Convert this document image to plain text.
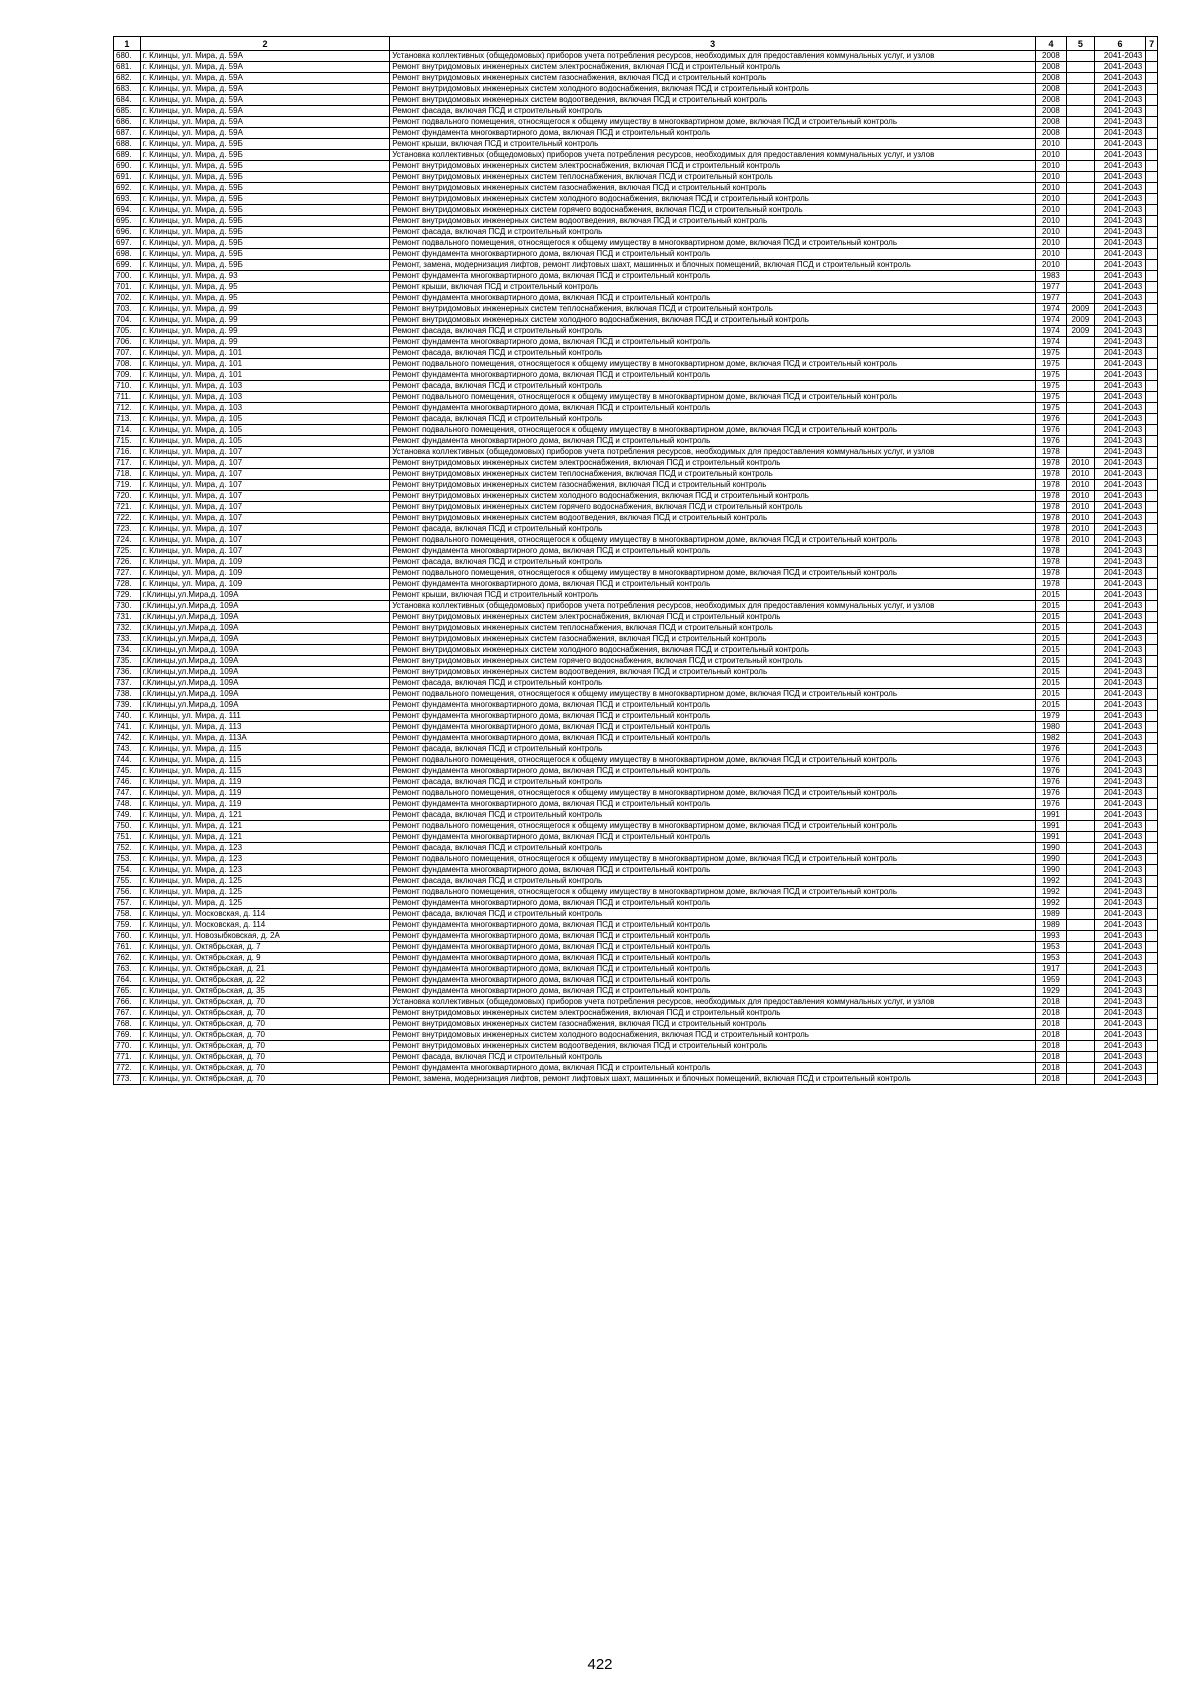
1	2	3	4	5	6	7
680.	г. Клинцы, ул. Мира, д. 59А	Установка коллективных (общедомовых) приборов учета потребления ресурсов, необходимых для предоставления коммунальных услуг, и узлов	2008		2041-2043	
681.	г. Клинцы, ул. Мира, д. 59А	Ремонт внутридомовых инженерных систем электроснабжения, включая ПСД и строительный контроль	2008		2041-2043	
682.	г. Клинцы, ул. Мира, д. 59А	Ремонт внутридомовых инженерных систем газоснабжения, включая ПСД и строительный контроль	2008		2041-2043	
683.	г. Клинцы, ул. Мира, д. 59А	Ремонт внутридомовых инженерных систем холодного водоснабжения, включая ПСД и строительный контроль	2008		2041-2043	
684.	г. Клинцы, ул. Мира, д. 59А	Ремонт внутридомовых инженерных систем водоотведения, включая ПСД и строительный контроль	2008		2041-2043	
685.	г. Клинцы, ул. Мира, д. 59А	Ремонт фасада, включая ПСД и строительный контроль	2008		2041-2043	
686.	г. Клинцы, ул. Мира, д. 59А	Ремонт подвального помещения, относящегося к общему имуществу в многоквартирном доме, включая ПСД и строительный контроль	2008		2041-2043	
687.	г. Клинцы, ул. Мира, д. 59А	Ремонт фундамента многоквартирного дома, включая ПСД и строительный контроль	2008		2041-2043	
688.	г. Клинцы, ул. Мира, д. 59Б	Ремонт крыши, включая ПСД и строительный контроль	2010		2041-2043	
689.	г. Клинцы, ул. Мира, д. 59Б	Установка коллективных (общедомовых) приборов учета потребления ресурсов, необходимых для предоставления коммунальных услуг, и узлов	2010		2041-2043	
690.	г. Клинцы, ул. Мира, д. 59Б	Ремонт внутридомовых инженерных систем электроснабжения, включая ПСД и строительный контроль	2010		2041-2043	
691.	г. Клинцы, ул. Мира, д. 59Б	Ремонт внутридомовых инженерных систем теплоснабжения, включая ПСД и строительный контроль	2010		2041-2043	
692.	г. Клинцы, ул. Мира, д. 59Б	Ремонт внутридомовых инженерных систем газоснабжения, включая ПСД и строительный контроль	2010		2041-2043	
693.	г. Клинцы, ул. Мира, д. 59Б	Ремонт внутридомовых инженерных систем холодного водоснабжения, включая ПСД и строительный контроль	2010		2041-2043	
694.	г. Клинцы, ул. Мира, д. 59Б	Ремонт внутридомовых инженерных систем горячего водоснабжения, включая ПСД и строительный контроль	2010		2041-2043	
695.	г. Клинцы, ул. Мира, д. 59Б	Ремонт внутридомовых инженерных систем водоотведения, включая ПСД и строительный контроль	2010		2041-2043	
696.	г. Клинцы, ул. Мира, д. 59Б	Ремонт фасада, включая ПСД и строительный контроль	2010		2041-2043	
697.	г. Клинцы, ул. Мира, д. 59Б	Ремонт подвального помещения, относящегося к общему имуществу в многоквартирном доме, включая ПСД и строительный контроль	2010		2041-2043	
698.	г. Клинцы, ул. Мира, д. 59Б	Ремонт фундамента многоквартирного дома, включая ПСД и строительный контроль	2010		2041-2043	
699.	г. Клинцы, ул. Мира, д. 59Б	Ремонт, замена, модернизация лифтов, ремонт лифтовых шахт, машинных и блочных помещений, включая ПСД и строительный контроль	2010		2041-2043	
700.	г. Клинцы, ул. Мира, д. 93	Ремонт фундамента многоквартирного дома, включая ПСД и строительный контроль	1983		2041-2043	
701.	г. Клинцы, ул. Мира, д. 95	Ремонт крыши, включая ПСД и строительный контроль	1977		2041-2043	
702.	г. Клинцы, ул. Мира, д. 95	Ремонт фундамента многоквартирного дома, включая ПСД и строительный контроль	1977		2041-2043	
703.	г. Клинцы, ул. Мира, д. 99	Ремонт внутридомовых инженерных систем теплоснабжения, включая ПСД и строительный контроль	1974	2009	2041-2043	
704.	г. Клинцы, ул. Мира, д. 99	Ремонт внутридомовых инженерных систем холодного водоснабжения, включая ПСД и строительный контроль	1974	2009	2041-2043	
705.	г. Клинцы, ул. Мира, д. 99	Ремонт фасада, включая ПСД и строительный контроль	1974	2009	2041-2043	
706.	г. Клинцы, ул. Мира, д. 99	Ремонт фундамента многоквартирного дома, включая ПСД и строительный контроль	1974		2041-2043	
707.	г. Клинцы, ул. Мира, д. 101	Ремонт фасада, включая ПСД и строительный контроль	1975		2041-2043	
708.	г. Клинцы, ул. Мира, д. 101	Ремонт подвального помещения, относящегося к общему имуществу в многоквартирном доме, включая ПСД и строительный контроль	1975		2041-2043	
709.	г. Клинцы, ул. Мира, д. 101	Ремонт фундамента многоквартирного дома, включая ПСД и строительный контроль	1975		2041-2043	
710.	г. Клинцы, ул. Мира, д. 103	Ремонт фасада, включая ПСД и строительный контроль	1975		2041-2043	
711.	г. Клинцы, ул. Мира, д. 103	Ремонт подвального помещения, относящегося к общему имуществу в многоквартирном доме, включая ПСД и строительный контроль	1975		2041-2043	
712.	г. Клинцы, ул. Мира, д. 103	Ремонт фундамента многоквартирного дома, включая ПСД и строительный контроль	1975		2041-2043	
713.	г. Клинцы, ул. Мира, д. 105	Ремонт фасада, включая ПСД и строительный контроль	1976		2041-2043	
714.	г. Клинцы, ул. Мира, д. 105	Ремонт подвального помещения, относящегося к общему имуществу в многоквартирном доме, включая ПСД и строительный контроль	1976		2041-2043	
715.	г. Клинцы, ул. Мира, д. 105	Ремонт фундамента многоквартирного дома, включая ПСД и строительный контроль	1976		2041-2043	
716.	г. Клинцы, ул. Мира, д. 107	Установка коллективных (общедомовых) приборов учета потребления ресурсов, необходимых для предоставления коммунальных услуг, и узлов	1978		2041-2043	
717.	г. Клинцы, ул. Мира, д. 107	Ремонт внутридомовых инженерных систем электроснабжения, включая ПСД и строительный контроль	1978	2010	2041-2043	
718.	г. Клинцы, ул. Мира, д. 107	Ремонт внутридомовых инженерных систем теплоснабжения, включая ПСД и строительный контроль	1978	2010	2041-2043	
719.	г. Клинцы, ул. Мира, д. 107	Ремонт внутридомовых инженерных систем газоснабжения, включая ПСД и строительный контроль	1978	2010	2041-2043	
720.	г. Клинцы, ул. Мира, д. 107	Ремонт внутридомовых инженерных систем холодного водоснабжения, включая ПСД и строительный контроль	1978	2010	2041-2043	
721.	г. Клинцы, ул. Мира, д. 107	Ремонт внутридомовых инженерных систем горячего водоснабжения, включая ПСД и строительный контроль	1978	2010	2041-2043	
722.	г. Клинцы, ул. Мира, д. 107	Ремонт внутридомовых инженерных систем водоотведения, включая ПСД и строительный контроль	1978	2010	2041-2043	
723.	г. Клинцы, ул. Мира, д. 107	Ремонт фасада, включая ПСД и строительный контроль	1978	2010	2041-2043	
724.	г. Клинцы, ул. Мира, д. 107	Ремонт подвального помещения, относящегося к общему имуществу в многоквартирном доме, включая ПСД и строительный контроль	1978	2010	2041-2043	
725.	г. Клинцы, ул. Мира, д. 107	Ремонт фундамента многоквартирного дома, включая ПСД и строительный контроль	1978		2041-2043	
726.	г. Клинцы, ул. Мира, д. 109	Ремонт фасада, включая ПСД и строительный контроль	1978		2041-2043	
727.	г. Клинцы, ул. Мира, д. 109	Ремонт подвального помещения, относящегося к общему имуществу в многоквартирном доме, включая ПСД и строительный контроль	1978		2041-2043	
728.	г. Клинцы, ул. Мира, д. 109	Ремонт фундамента многоквартирного дома, включая ПСД и строительный контроль	1978		2041-2043	
729.	г.Клинцы,ул.Мира,д. 109А	Ремонт крыши, включая ПСД и строительный контроль	2015		2041-2043	
730.	г.Клинцы,ул.Мира,д. 109А	Установка коллективных (общедомовых) приборов учета потребления ресурсов, необходимых для предоставления коммунальных услуг, и узлов	2015		2041-2043	
731.	г.Клинцы,ул.Мира,д. 109А	Ремонт внутридомовых инженерных систем электроснабжения, включая ПСД и строительный контроль	2015		2041-2043	
732.	г.Клинцы,ул.Мира,д. 109А	Ремонт внутридомовых инженерных систем теплоснабжения, включая ПСД и строительный контроль	2015		2041-2043	
733.	г.Клинцы,ул.Мира,д. 109А	Ремонт внутридомовых инженерных систем газоснабжения, включая ПСД и строительный контроль	2015		2041-2043	
734.	г.Клинцы,ул.Мира,д. 109А	Ремонт внутридомовых инженерных систем холодного водоснабжения, включая ПСД и строительный контроль	2015		2041-2043	
735.	г.Клинцы,ул.Мира,д. 109А	Ремонт внутридомовых инженерных систем горячего водоснабжения, включая ПСД и строительный контроль	2015		2041-2043	
736.	г.Клинцы,ул.Мира,д. 109А	Ремонт внутридомовых инженерных систем водоотведения, включая ПСД и строительный контроль	2015		2041-2043	
737.	г.Клинцы,ул.Мира,д. 109А	Ремонт фасада, включая ПСД и строительный контроль	2015		2041-2043	
738.	г.Клинцы,ул.Мира,д. 109А	Ремонт подвального помещения, относящегося к общему имуществу в многоквартирном доме, включая ПСД и строительный контроль	2015		2041-2043	
739.	г.Клинцы,ул.Мира,д. 109А	Ремонт фундамента многоквартирного дома, включая ПСД и строительный контроль	2015		2041-2043	
740.	г. Клинцы, ул. Мира, д. 111	Ремонт фундамента многоквартирного дома, включая ПСД и строительный контроль	1979		2041-2043	
741.	г. Клинцы, ул. Мира, д. 113	Ремонт фундамента многоквартирного дома, включая ПСД и строительный контроль	1980		2041-2043	
742.	г. Клинцы, ул. Мира, д. 113А	Ремонт фундамента многоквартирного дома, включая ПСД и строительный контроль	1982		2041-2043	
743.	г. Клинцы, ул. Мира, д. 115	Ремонт фасада, включая ПСД и строительный контроль	1976		2041-2043	
744.	г. Клинцы, ул. Мира, д. 115	Ремонт подвального помещения, относящегося к общему имуществу в многоквартирном доме, включая ПСД и строительный контроль	1976		2041-2043	
745.	г. Клинцы, ул. Мира, д. 115	Ремонт фундамента многоквартирного дома, включая ПСД и строительный контроль	1976		2041-2043	
746.	г. Клинцы, ул. Мира, д. 119	Ремонт фасада, включая ПСД и строительный контроль	1976		2041-2043	
747.	г. Клинцы, ул. Мира, д. 119	Ремонт подвального помещения, относящегося к общему имуществу в многоквартирном доме, включая ПСД и строительный контроль	1976		2041-2043	
748.	г. Клинцы, ул. Мира, д. 119	Ремонт фундамента многоквартирного дома, включая ПСД и строительный контроль	1976		2041-2043	
749.	г. Клинцы, ул. Мира, д. 121	Ремонт фасада, включая ПСД и строительный контроль	1991		2041-2043	
750.	г. Клинцы, ул. Мира, д. 121	Ремонт подвального помещения, относящегося к общему имуществу в многоквартирном доме, включая ПСД и строительный контроль	1991		2041-2043	
751.	г. Клинцы, ул. Мира, д. 121	Ремонт фундамента многоквартирного дома, включая ПСД и строительный контроль	1991		2041-2043	
752.	г. Клинцы, ул. Мира, д. 123	Ремонт фасада, включая ПСД и строительный контроль	1990		2041-2043	
753.	г. Клинцы, ул. Мира, д. 123	Ремонт подвального помещения, относящегося к общему имуществу в многоквартирном доме, включая ПСД и строительный контроль	1990		2041-2043	
754.	г. Клинцы, ул. Мира, д. 123	Ремонт фундамента многоквартирного дома, включая ПСД и строительный контроль	1990		2041-2043	
755.	г. Клинцы, ул. Мира, д. 125	Ремонт фасада, включая ПСД и строительный контроль	1992		2041-2043	
756.	г. Клинцы, ул. Мира, д. 125	Ремонт подвального помещения, относящегося к общему имуществу в многоквартирном доме, включая ПСД и строительный контроль	1992		2041-2043	
757.	г. Клинцы, ул. Мира, д. 125	Ремонт фундамента многоквартирного дома, включая ПСД и строительный контроль	1992		2041-2043	
758.	г. Клинцы, ул. Московская, д. 114	Ремонт фасада, включая ПСД и строительный контроль	1989		2041-2043	
759.	г. Клинцы, ул. Московская, д. 114	Ремонт фундамента многоквартирного дома, включая ПСД и строительный контроль	1989		2041-2043	
760.	г. Клинцы, ул. Новозыбковская, д. 2А	Ремонт фундамента многоквартирного дома, включая ПСД и строительный контроль	1993		2041-2043	
761.	г. Клинцы, ул. Октябрьская, д. 7	Ремонт фундамента многоквартирного дома, включая ПСД и строительный контроль	1953		2041-2043	
762.	г. Клинцы, ул. Октябрьская, д. 9	Ремонт фундамента многоквартирного дома, включая ПСД и строительный контроль	1953		2041-2043	
763.	г. Клинцы, ул. Октябрьская, д. 21	Ремонт фундамента многоквартирного дома, включая ПСД и строительный контроль	1917		2041-2043	
764.	г. Клинцы, ул. Октябрьская, д. 22	Ремонт фундамента многоквартирного дома, включая ПСД и строительный контроль	1959		2041-2043	
765.	г. Клинцы, ул. Октябрьская, д. 35	Ремонт фундамента многоквартирного дома, включая ПСД и строительный контроль	1929		2041-2043	
766.	г. Клинцы, ул. Октябрьская, д. 70	Установка коллективных (общедомовых) приборов учета потребления ресурсов, необходимых для предоставления коммунальных услуг, и узлов	2018		2041-2043	
767.	г. Клинцы, ул. Октябрьская, д. 70	Ремонт внутридомовых инженерных систем электроснабжения, включая ПСД и строительный контроль	2018		2041-2043	
768.	г. Клинцы, ул. Октябрьская, д. 70	Ремонт внутридомовых инженерных систем газоснабжения, включая ПСД и строительный контроль	2018		2041-2043	
769.	г. Клинцы, ул. Октябрьская, д. 70	Ремонт внутридомовых инженерных систем холодного водоснабжения, включая ПСД и строительный контроль	2018		2041-2043	
770.	г. Клинцы, ул. Октябрьская, д. 70	Ремонт внутридомовых инженерных систем водоотведения, включая ПСД и строительный контроль	2018		2041-2043	
771.	г. Клинцы, ул. Октябрьская, д. 70	Ремонт фасада, включая ПСД и строительный контроль	2018		2041-2043	
772.	г. Клинцы, ул. Октябрьская, д. 70	Ремонт фундамента многоквартирного дома, включая ПСД и строительный контроль	2018		2041-2043	
773.	г. Клинцы, ул. Октябрьская, д. 70	Ремонт, замена, модернизация лифтов, ремонт лифтовых шахт, машинных и блочных помещений, включая ПСД и строительный контроль	2018		2041-2043	
422
